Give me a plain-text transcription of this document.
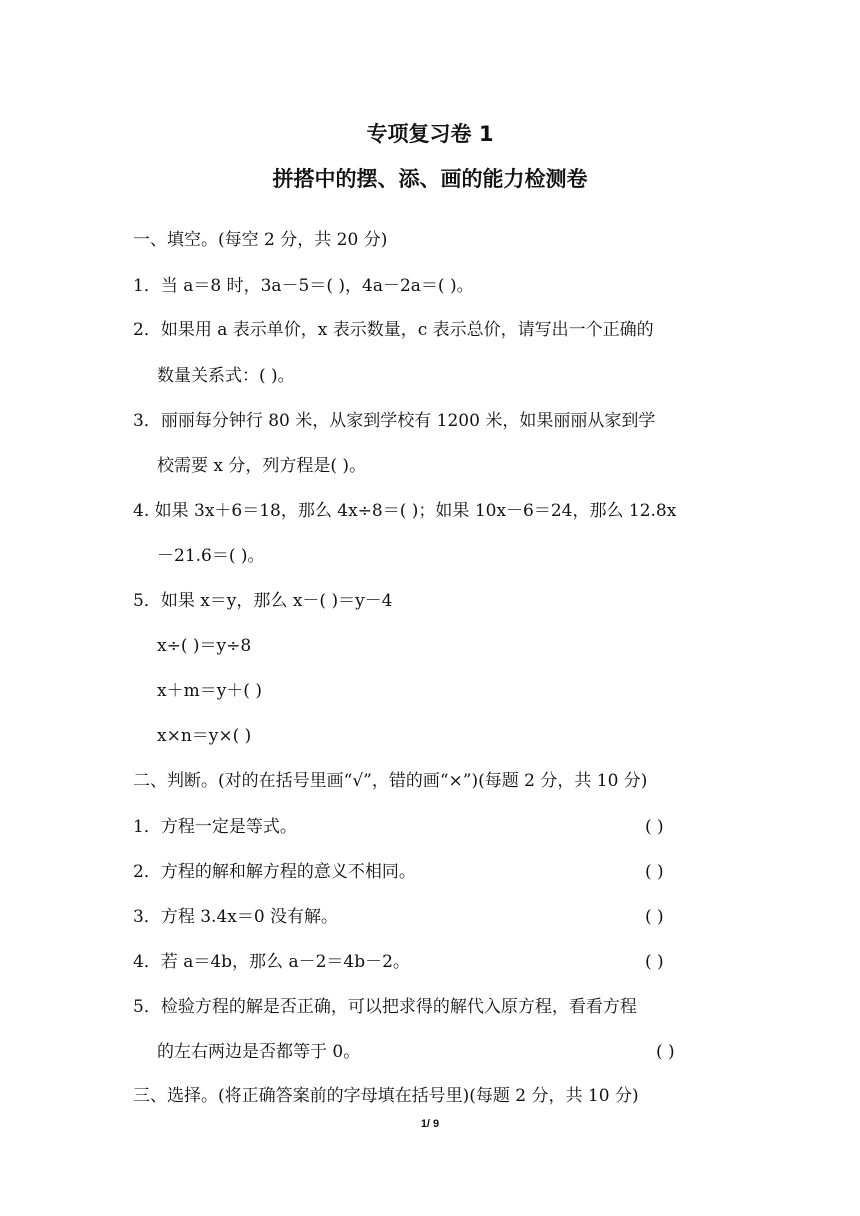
专项复习卷 1
拼搭中的摆、添、画的能力检测卷
一、填空。(每空 2 分，共 20 分)
1．当 a＝8 时，3a－5＝( )，4a－2a＝( )。
2．如果用 a 表示单价，x 表示数量，c 表示总价，请写出一个正确的
数量关系式：( )。
3．丽丽每分钟行 80 米，从家到学校有 1200 米，如果丽丽从家到学
校需要 x 分，列方程是( )。
4. 如果 3x＋6＝18，那么 4x÷8＝( )；如果 10x－6＝24，那么 12.8x
－21.6＝( )。
5．如果 x＝y，那么 x－( )＝y－4
x÷( )＝y÷8
x＋m＝y＋( )
x×n＝y×( )
二、判断。(对的在括号里画“√”，错的画“×”)(每题 2 分，共 10 分)
1．方程一定是等式。	( )
2．方程的解和解方程的意义不相同。	( )
3．方程 3.4x＝0 没有解。	( )
4．若 a＝4b，那么 a－2＝4b－2。	( )
5．检验方程的解是否正确，可以把求得的解代入原方程，看看方程
的左右两边是否都等于 0。	( )
三、选择。(将正确答案前的字母填在括号里)(每题 2 分，共 10 分)
1/ 9
